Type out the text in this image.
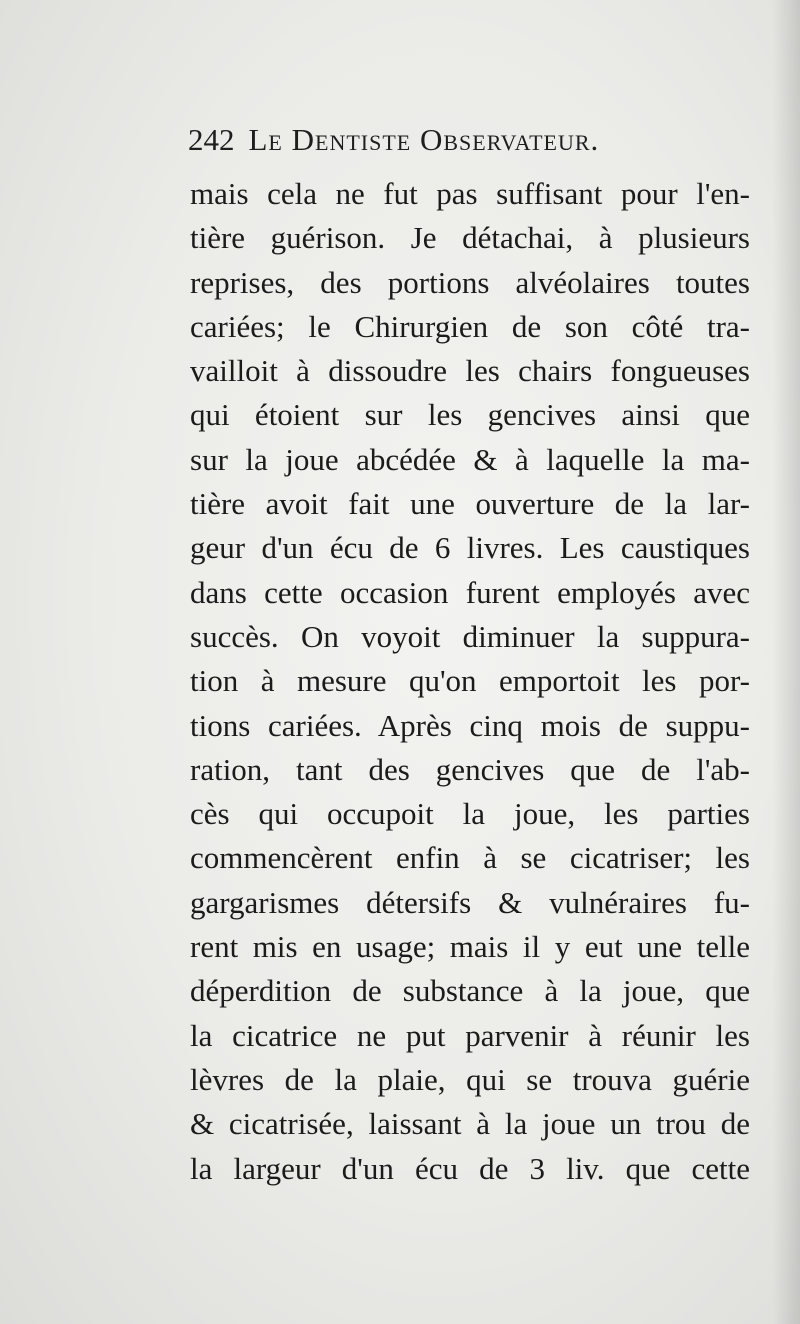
242 Le Dentiste Observateur.
mais cela ne fut pas suffisant pour l'en-
tière guérison. Je détachai, à plusieurs
reprises, des portions alvéolaires toutes
cariées; le Chirurgien de son côté tra-
vailloit à dissoudre les chairs fongueuses
qui étoient sur les gencives ainsi que
sur la joue abcédée & à laquelle la ma-
tière avoit fait une ouverture de la lar-
geur d'un écu de 6 livres. Les caustiques
dans cette occasion furent employés avec
succès. On voyoit diminuer la suppura-
tion à mesure qu'on emportoit les por-
tions cariées. Après cinq mois de suppu-
ration, tant des gencives que de l'ab-
cès qui occupoit la joue, les parties
commencèrent enfin à se cicatriser; les
gargarismes détersifs & vulnéraires fu-
rent mis en usage; mais il y eut une telle
déperdition de substance à la joue, que
la cicatrice ne put parvenir à réunir les
lèvres de la plaie, qui se trouva guérie
& cicatrisée, laissant à la joue un trou de
la largeur d'un écu de 3 liv. que cette
